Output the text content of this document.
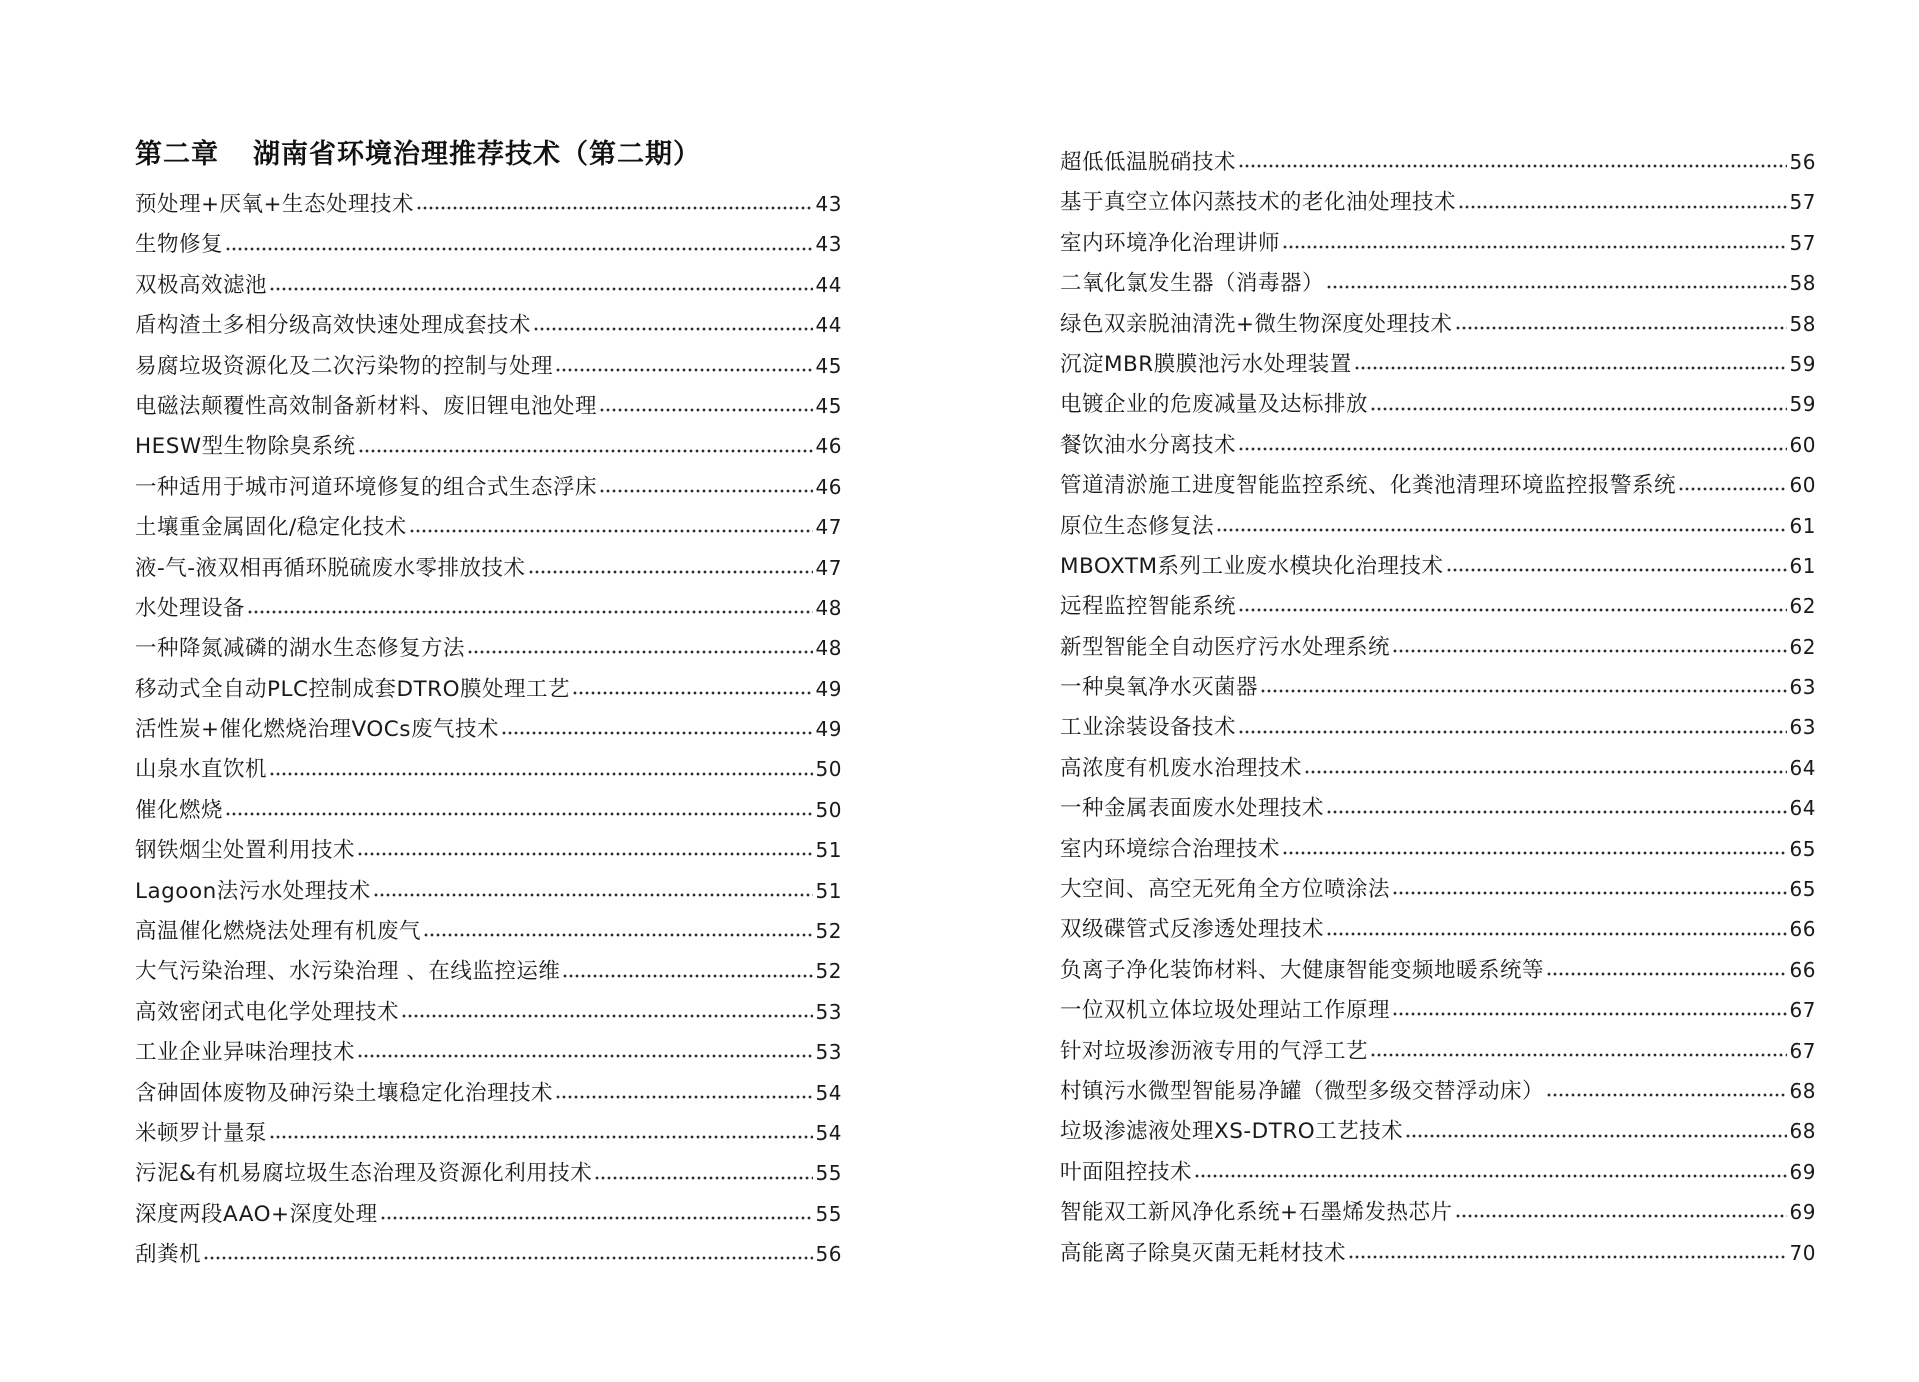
第二章 湖南省环境治理推荐技术（第二期）
预处理+厌氧+生态处理技术	43
生物修复	43
双极高效滤池	44
盾构渣土多相分级高效快速处理成套技术	44
易腐垃圾资源化及二次污染物的控制与处理	45
电磁法颠覆性高效制备新材料、废旧锂电池处理	45
HESW型生物除臭系统	46
一种适用于城市河道环境修复的组合式生态浮床	46
土壤重金属固化/稳定化技术	47
液-气-液双相再循环脱硫废水零排放技术	47
水处理设备	48
一种降氮减磷的湖水生态修复方法	48
移动式全自动PLC控制成套DTRO膜处理工艺	49
活性炭+催化燃烧治理VOCs废气技术	49
山泉水直饮机	50
催化燃烧	50
钢铁烟尘处置利用技术	51
Lagoon法污水处理技术	51
高温催化燃烧法处理有机废气	52
大气污染治理、水污染治理 、在线监控运维	52
高效密闭式电化学处理技术	53
工业企业异味治理技术	53
含砷固体废物及砷污染土壤稳定化治理技术	54
米顿罗计量泵	54
污泥&有机易腐垃圾生态治理及资源化利用技术	55
深度两段AAO+深度处理	55
刮粪机	56
超低低温脱硝技术	56
基于真空立体闪蒸技术的老化油处理技术	57
室内环境净化治理讲师	57
二氧化氯发生器（消毒器）	58
绿色双亲脱油清洗+微生物深度处理技术	58
沉淀MBR膜膜池污水处理装置	59
电镀企业的危废减量及达标排放	59
餐饮油水分离技术	60
管道清淤施工进度智能监控系统、化粪池清理环境监控报警系统	60
原位生态修复法	61
MBOXTM系列工业废水模块化治理技术	61
远程监控智能系统	62
新型智能全自动医疗污水处理系统	62
一种臭氧净水灭菌器	63
工业涂装设备技术	63
高浓度有机废水治理技术	64
一种金属表面废水处理技术	64
室内环境综合治理技术	65
大空间、高空无死角全方位喷涂法	65
双级碟管式反渗透处理技术	66
负离子净化装饰材料、大健康智能变频地暖系统等	66
一位双机立体垃圾处理站工作原理	67
针对垃圾渗沥液专用的气浮工艺	67
村镇污水微型智能易净罐（微型多级交替浮动床）	68
垃圾渗滤液处理XS-DTRO工艺技术	68
叶面阻控技术	69
智能双工新风净化系统+石墨烯发热芯片	69
高能离子除臭灭菌无耗材技术	70
